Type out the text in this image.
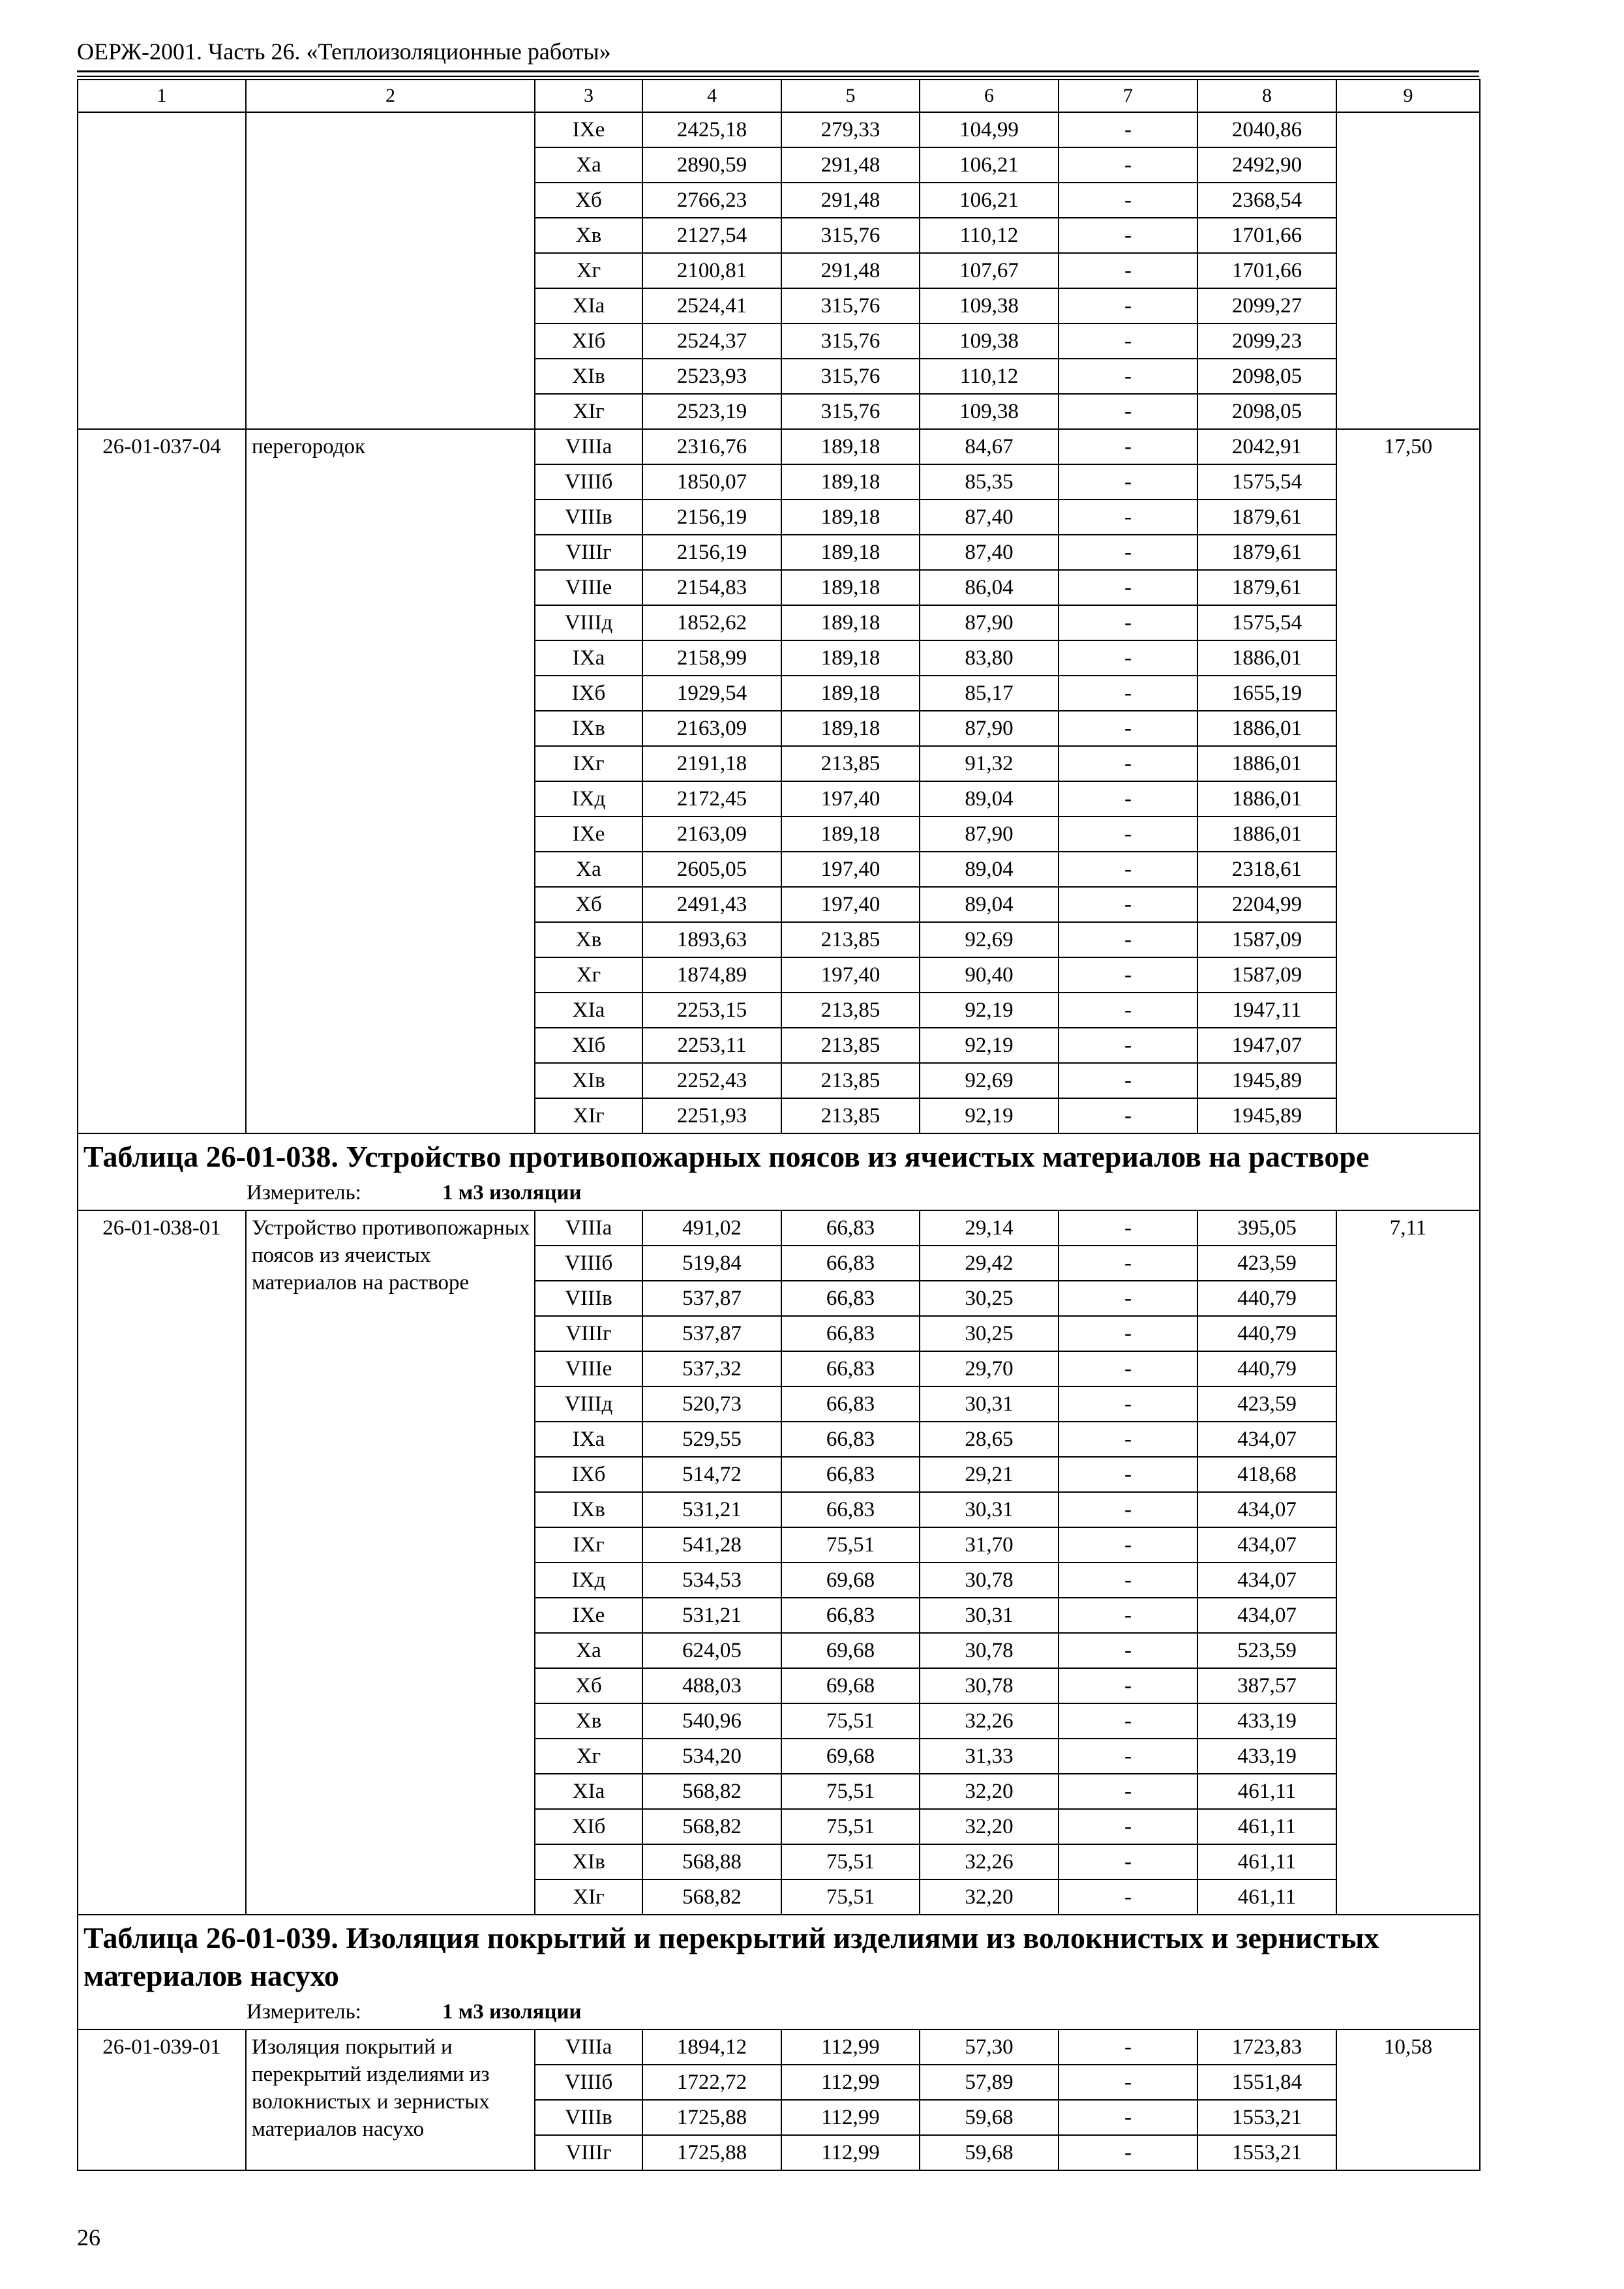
ОЕРЖ-2001. Часть 26. «Теплоизоляционные работы»
1	2	3	4	5	6	7	8	9
		IXе	2425,18	279,33	104,99	-	2040,86	
		Xа	2890,59	291,48	106,21	-	2492,90	
		Xб	2766,23	291,48	106,21	-	2368,54	
		Xв	2127,54	315,76	110,12	-	1701,66	
		Xг	2100,81	291,48	107,67	-	1701,66	
		XIа	2524,41	315,76	109,38	-	2099,27	
		XIб	2524,37	315,76	109,38	-	2099,23	
		XIв	2523,93	315,76	110,12	-	2098,05	
		XIг	2523,19	315,76	109,38	-	2098,05	
26-01-037-04	перегородок	VIIIа	2316,76	189,18	84,67	-	2042,91	17,50
		VIIIб	1850,07	189,18	85,35	-	1575,54	
		VIIIв	2156,19	189,18	87,40	-	1879,61	
		VIIIг	2156,19	189,18	87,40	-	1879,61	
		VIIIе	2154,83	189,18	86,04	-	1879,61	
		VIIIд	1852,62	189,18	87,90	-	1575,54	
		IXа	2158,99	189,18	83,80	-	1886,01	
		IXб	1929,54	189,18	85,17	-	1655,19	
		IXв	2163,09	189,18	87,90	-	1886,01	
		IXг	2191,18	213,85	91,32	-	1886,01	
		IXд	2172,45	197,40	89,04	-	1886,01	
		IXе	2163,09	189,18	87,90	-	1886,01	
		Xа	2605,05	197,40	89,04	-	2318,61	
		Xб	2491,43	197,40	89,04	-	2204,99	
		Xв	1893,63	213,85	92,69	-	1587,09	
		Xг	1874,89	197,40	90,40	-	1587,09	
		XIа	2253,15	213,85	92,19	-	1947,11	
		XIб	2253,11	213,85	92,19	-	1947,07	
		XIв	2252,43	213,85	92,69	-	1945,89	
		XIг	2251,93	213,85	92,19	-	1945,89	

Таблица 26-01-038. Устройство противопожарных поясов из ячеистых материалов на растворе
Измеритель: 1 м3 изоляции								

26-01-038-01	Устройство противопожарных поясов из ячеистых материалов на растворе	VIIIа	491,02	66,83	29,14	-	395,05	7,11
		VIIIб	519,84	66,83	29,42	-	423,59	
		VIIIв	537,87	66,83	30,25	-	440,79	
		VIIIг	537,87	66,83	30,25	-	440,79	
		VIIIе	537,32	66,83	29,70	-	440,79	
		VIIIд	520,73	66,83	30,31	-	423,59	
		IXа	529,55	66,83	28,65	-	434,07	
		IXб	514,72	66,83	29,21	-	418,68	
		IXв	531,21	66,83	30,31	-	434,07	
		IXг	541,28	75,51	31,70	-	434,07	
		IXд	534,53	69,68	30,78	-	434,07	
		IXе	531,21	66,83	30,31	-	434,07	
		Xа	624,05	69,68	30,78	-	523,59	
		Xб	488,03	69,68	30,78	-	387,57	
		Xв	540,96	75,51	32,26	-	433,19	
		Xг	534,20	69,68	31,33	-	433,19	
		XIа	568,82	75,51	32,20	-	461,11	
		XIб	568,82	75,51	32,20	-	461,11	
		XIв	568,88	75,51	32,26	-	461,11	
		XIг	568,82	75,51	32,20	-	461,11	

Таблица 26-01-039. Изоляция покрытий и перекрытий изделиями из волокнистых и зернистых материалов насухо
Измеритель: 1 м3 изоляции								

26-01-039-01	Изоляция покрытий и перекрытий изделиями из волокнистых и зернистых материалов насухо	VIIIа	1894,12	112,99	57,30	-	1723,83	10,58
		VIIIб	1722,72	112,99	57,89	-	1551,84	
		VIIIв	1725,88	112,99	59,68	-	1553,21	
		VIIIг	1725,88	112,99	59,68	-	1553,21	
26
